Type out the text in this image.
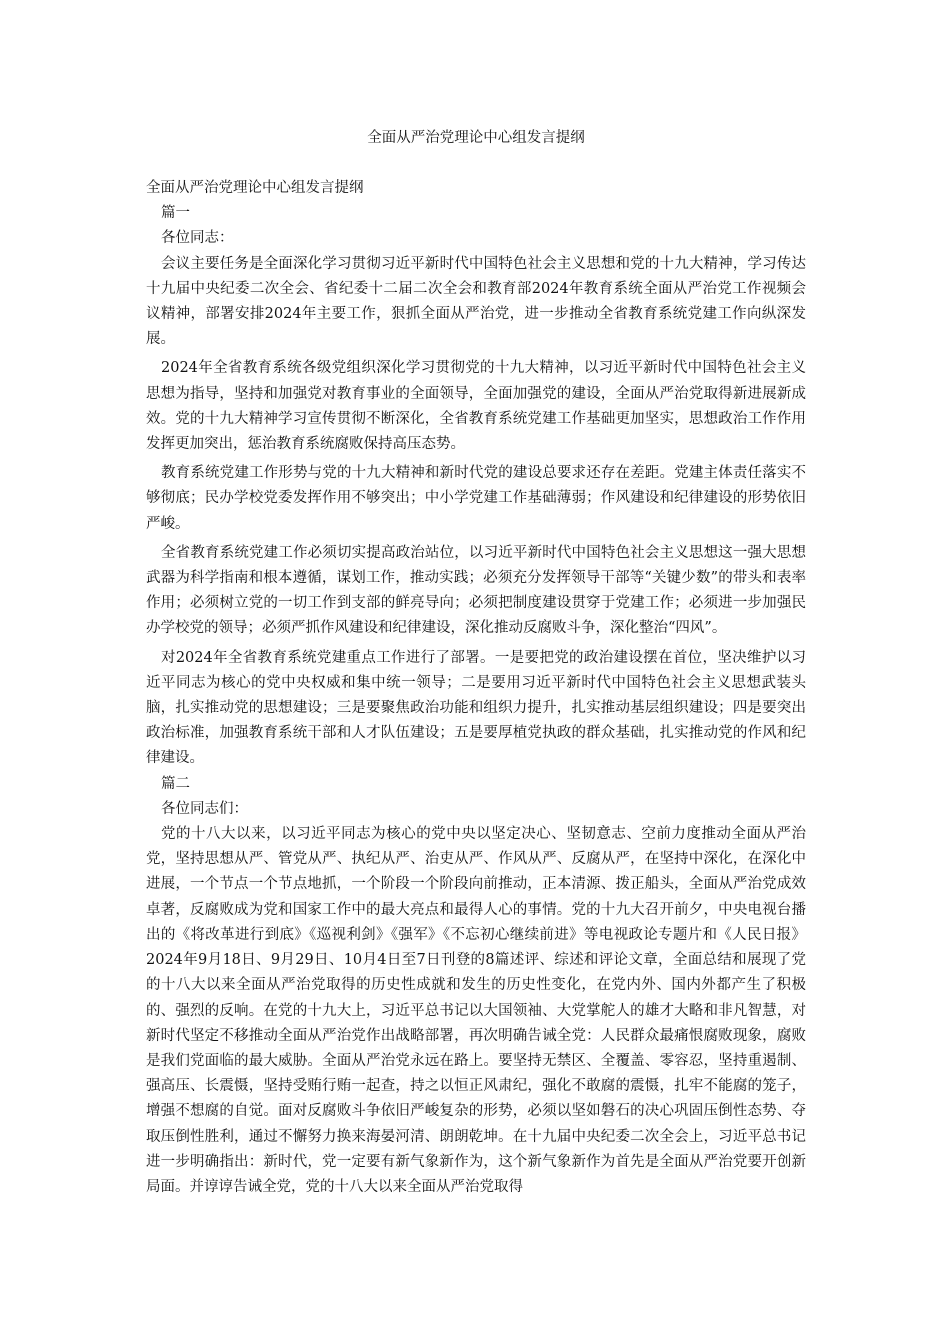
全面从严治党理论中心组发言提纲

全面从严治党理论中心组发言提纲

篇一

各位同志：

会议主要任务是全面深化学习贯彻习近平新时代中国特色社会主义思想和党的十九大精神，学习传达十九届中央纪委二次全会、省纪委十二届二次全会和教育部2024年教育系统全面从严治党工作视频会议精神，部署安排2024年主要工作，狠抓全面从严治党，进一步推动全省教育系统党建工作向纵深发展。

2024年全省教育系统各级党组织深化学习贯彻党的十九大精神，以习近平新时代中国特色社会主义思想为指导，坚持和加强党对教育事业的全面领导，全面加强党的建设，全面从严治党取得新进展新成效。党的十九大精神学习宣传贯彻不断深化，全省教育系统党建工作基础更加坚实，思想政治工作作用发挥更加突出，惩治教育系统腐败保持高压态势。

教育系统党建工作形势与党的十九大精神和新时代党的建设总要求还存在差距。党建主体责任落实不够彻底；民办学校党委发挥作用不够突出；中小学党建工作基础薄弱；作风建设和纪律建设的形势依旧严峻。

全省教育系统党建工作必须切实提高政治站位，以习近平新时代中国特色社会主义思想这一强大思想武器为科学指南和根本遵循，谋划工作，推动实践；必须充分发挥领导干部等“关键少数”的带头和表率作用；必须树立党的一切工作到支部的鲜亮导向；必须把制度建设贯穿于党建工作；必须进一步加强民办学校党的领导；必须严抓作风建设和纪律建设，深化推动反腐败斗争，深化整治“四风”。

对2024年全省教育系统党建重点工作进行了部署。一是要把党的政治建设摆在首位，坚决维护以习近平同志为核心的党中央权威和集中统一领导；二是要用习近平新时代中国特色社会主义思想武装头脑，扎实推动党的思想建设；三是要聚焦政治功能和组织力提升，扎实推动基层组织建设；四是要突出政治标准，加强教育系统干部和人才队伍建设；五是要厚植党执政的群众基础，扎实推动党的作风和纪律建设。

篇二

各位同志们：

党的十八大以来，以习近平同志为核心的党中央以坚定决心、坚韧意志、空前力度推动全面从严治党，坚持思想从严、管党从严、执纪从严、治吏从严、作风从严、反腐从严，在坚持中深化，在深化中进展，一个节点一个节点地抓，一个阶段一个阶段向前推动，正本清源、拨正船头，全面从严治党成效卓著，反腐败成为党和国家工作中的最大亮点和最得人心的事情。党的十九大召开前夕，中央电视台播出的《将改革进行到底》《巡视利剑》《强军》《不忘初心继续前进》等电视政论专题片和《人民日报》2024年9月18日、9月29日、10月4日至7日刊登的8篇述评、综述和评论文章，全面总结和展现了党的十八大以来全面从严治党取得的历史性成就和发生的历史性变化，在党内外、国内外都产生了积极的、强烈的反响。在党的十九大上，习近平总书记以大国领袖、大党掌舵人的雄才大略和非凡智慧，对新时代坚定不移推动全面从严治党作出战略部署，再次明确告诫全党：人民群众最痛恨腐败现象，腐败是我们党面临的最大威胁。全面从严治党永远在路上。要坚持无禁区、全覆盖、零容忍，坚持重遏制、强高压、长震慑，坚持受贿行贿一起查，持之以恒正风肃纪，强化不敢腐的震慑，扎牢不能腐的笼子，增强不想腐的自觉。面对反腐败斗争依旧严峻复杂的形势，必须以坚如磐石的决心巩固压倒性态势、夺取压倒性胜利，通过不懈努力换来海晏河清、朗朗乾坤。在十九届中央纪委二次全会上，习近平总书记进一步明确指出：新时代，党一定要有新气象新作为，这个新气象新作为首先是全面从严治党要开创新局面。并谆谆告诫全党，党的十八大以来全面从严治党取得
